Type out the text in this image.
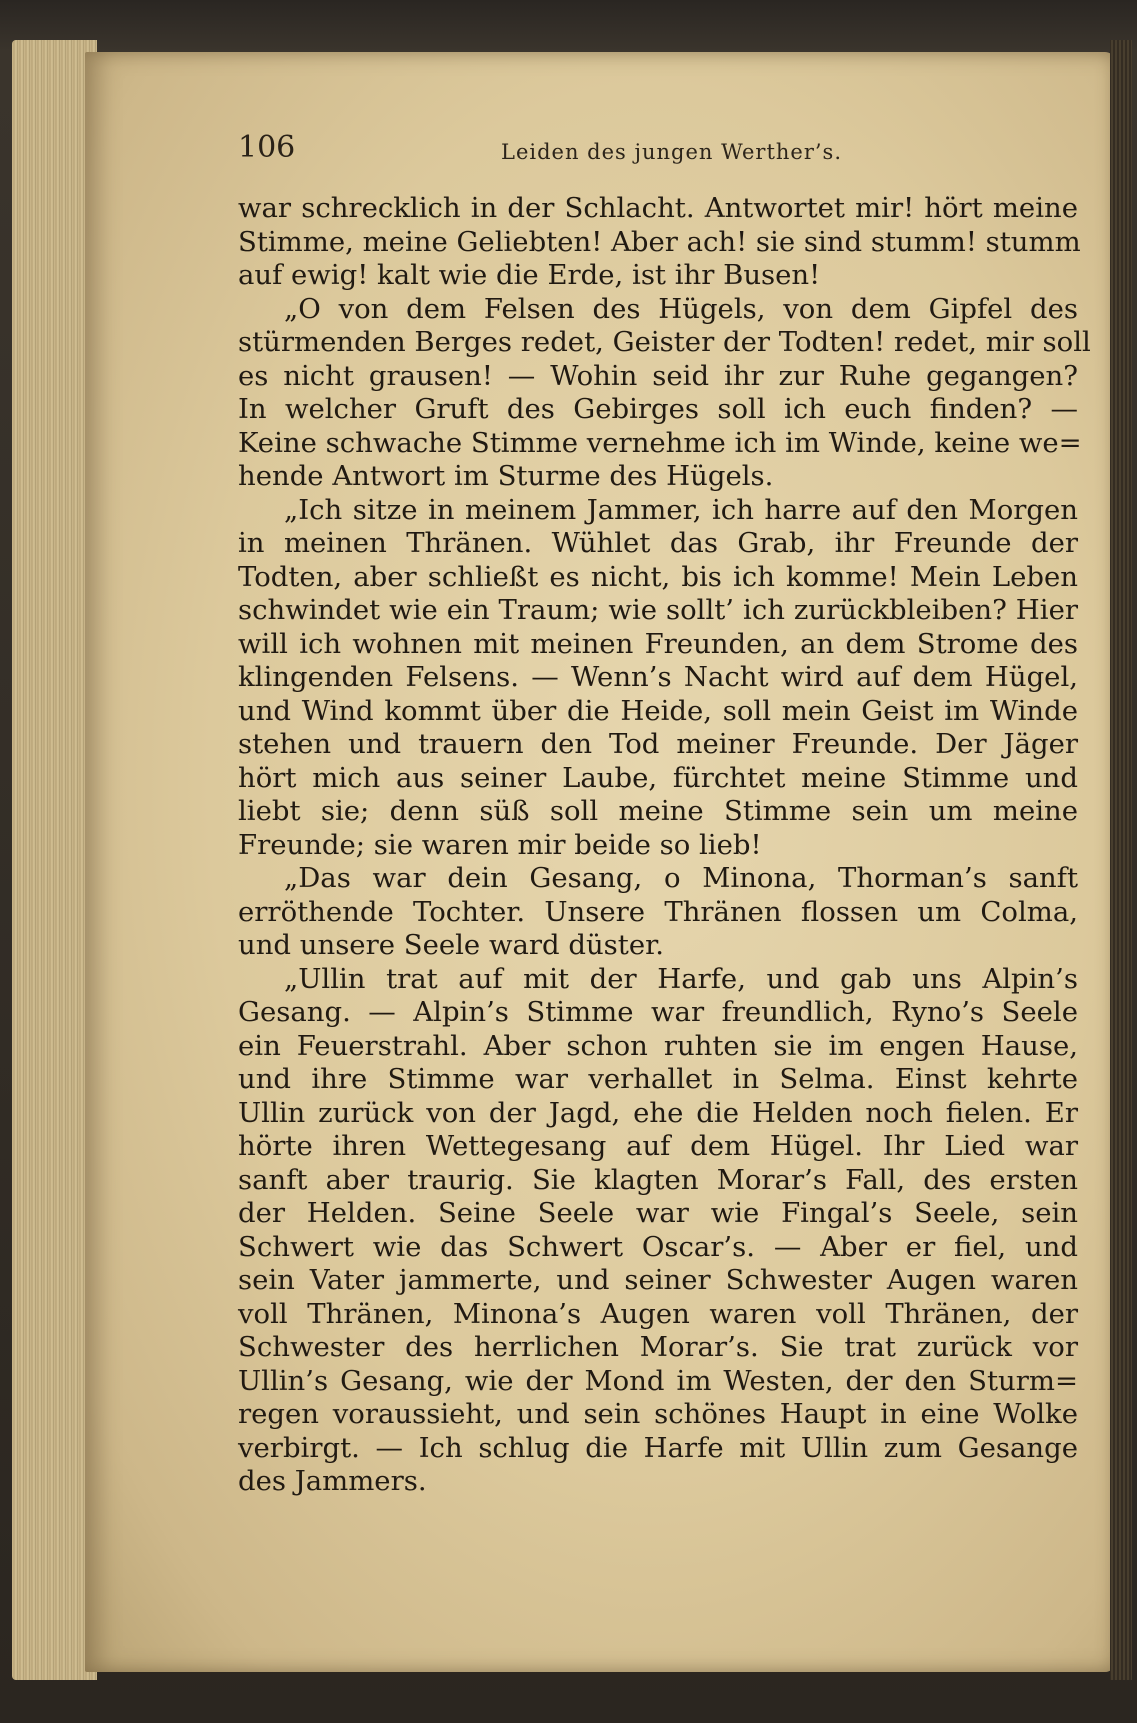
106	Leiden des jungen Werther’s.
war schrecklich in der Schlacht. Antwortet mir! hört meine
Stimme, meine Geliebten! Aber ach! sie sind stumm! stumm
auf ewig! kalt wie die Erde, ist ihr Busen!
„O von dem Felsen des Hügels, von dem Gipfel des
stürmenden Berges redet, Geister der Todten! redet, mir soll
es nicht grausen! — Wohin seid ihr zur Ruhe gegangen?
In welcher Gruft des Gebirges soll ich euch finden? —
Keine schwache Stimme vernehme ich im Winde, keine we=
hende Antwort im Sturme des Hügels.
„Ich sitze in meinem Jammer, ich harre auf den Morgen
in meinen Thränen. Wühlet das Grab, ihr Freunde der
Todten, aber schließt es nicht, bis ich komme! Mein Leben
schwindet wie ein Traum; wie sollt’ ich zurückbleiben? Hier
will ich wohnen mit meinen Freunden, an dem Strome des
klingenden Felsens. — Wenn’s Nacht wird auf dem Hügel,
und Wind kommt über die Heide, soll mein Geist im Winde
stehen und trauern den Tod meiner Freunde. Der Jäger
hört mich aus seiner Laube, fürchtet meine Stimme und
liebt sie; denn süß soll meine Stimme sein um meine
Freunde; sie waren mir beide so lieb!
„Das war dein Gesang, o Minona, Thorman’s sanft
erröthende Tochter. Unsere Thränen flossen um Colma,
und unsere Seele ward düster.
„Ullin trat auf mit der Harfe, und gab uns Alpin’s
Gesang. — Alpin’s Stimme war freundlich, Ryno’s Seele
ein Feuerstrahl. Aber schon ruhten sie im engen Hause,
und ihre Stimme war verhallet in Selma. Einst kehrte
Ullin zurück von der Jagd, ehe die Helden noch fielen. Er
hörte ihren Wettegesang auf dem Hügel. Ihr Lied war
sanft aber traurig. Sie klagten Morar’s Fall, des ersten
der Helden. Seine Seele war wie Fingal’s Seele, sein
Schwert wie das Schwert Oscar’s. — Aber er fiel, und
sein Vater jammerte, und seiner Schwester Augen waren
voll Thränen, Minona’s Augen waren voll Thränen, der
Schwester des herrlichen Morar’s. Sie trat zurück vor
Ullin’s Gesang, wie der Mond im Westen, der den Sturm=
regen voraussieht, und sein schönes Haupt in eine Wolke
verbirgt. — Ich schlug die Harfe mit Ullin zum Gesange
des Jammers.
